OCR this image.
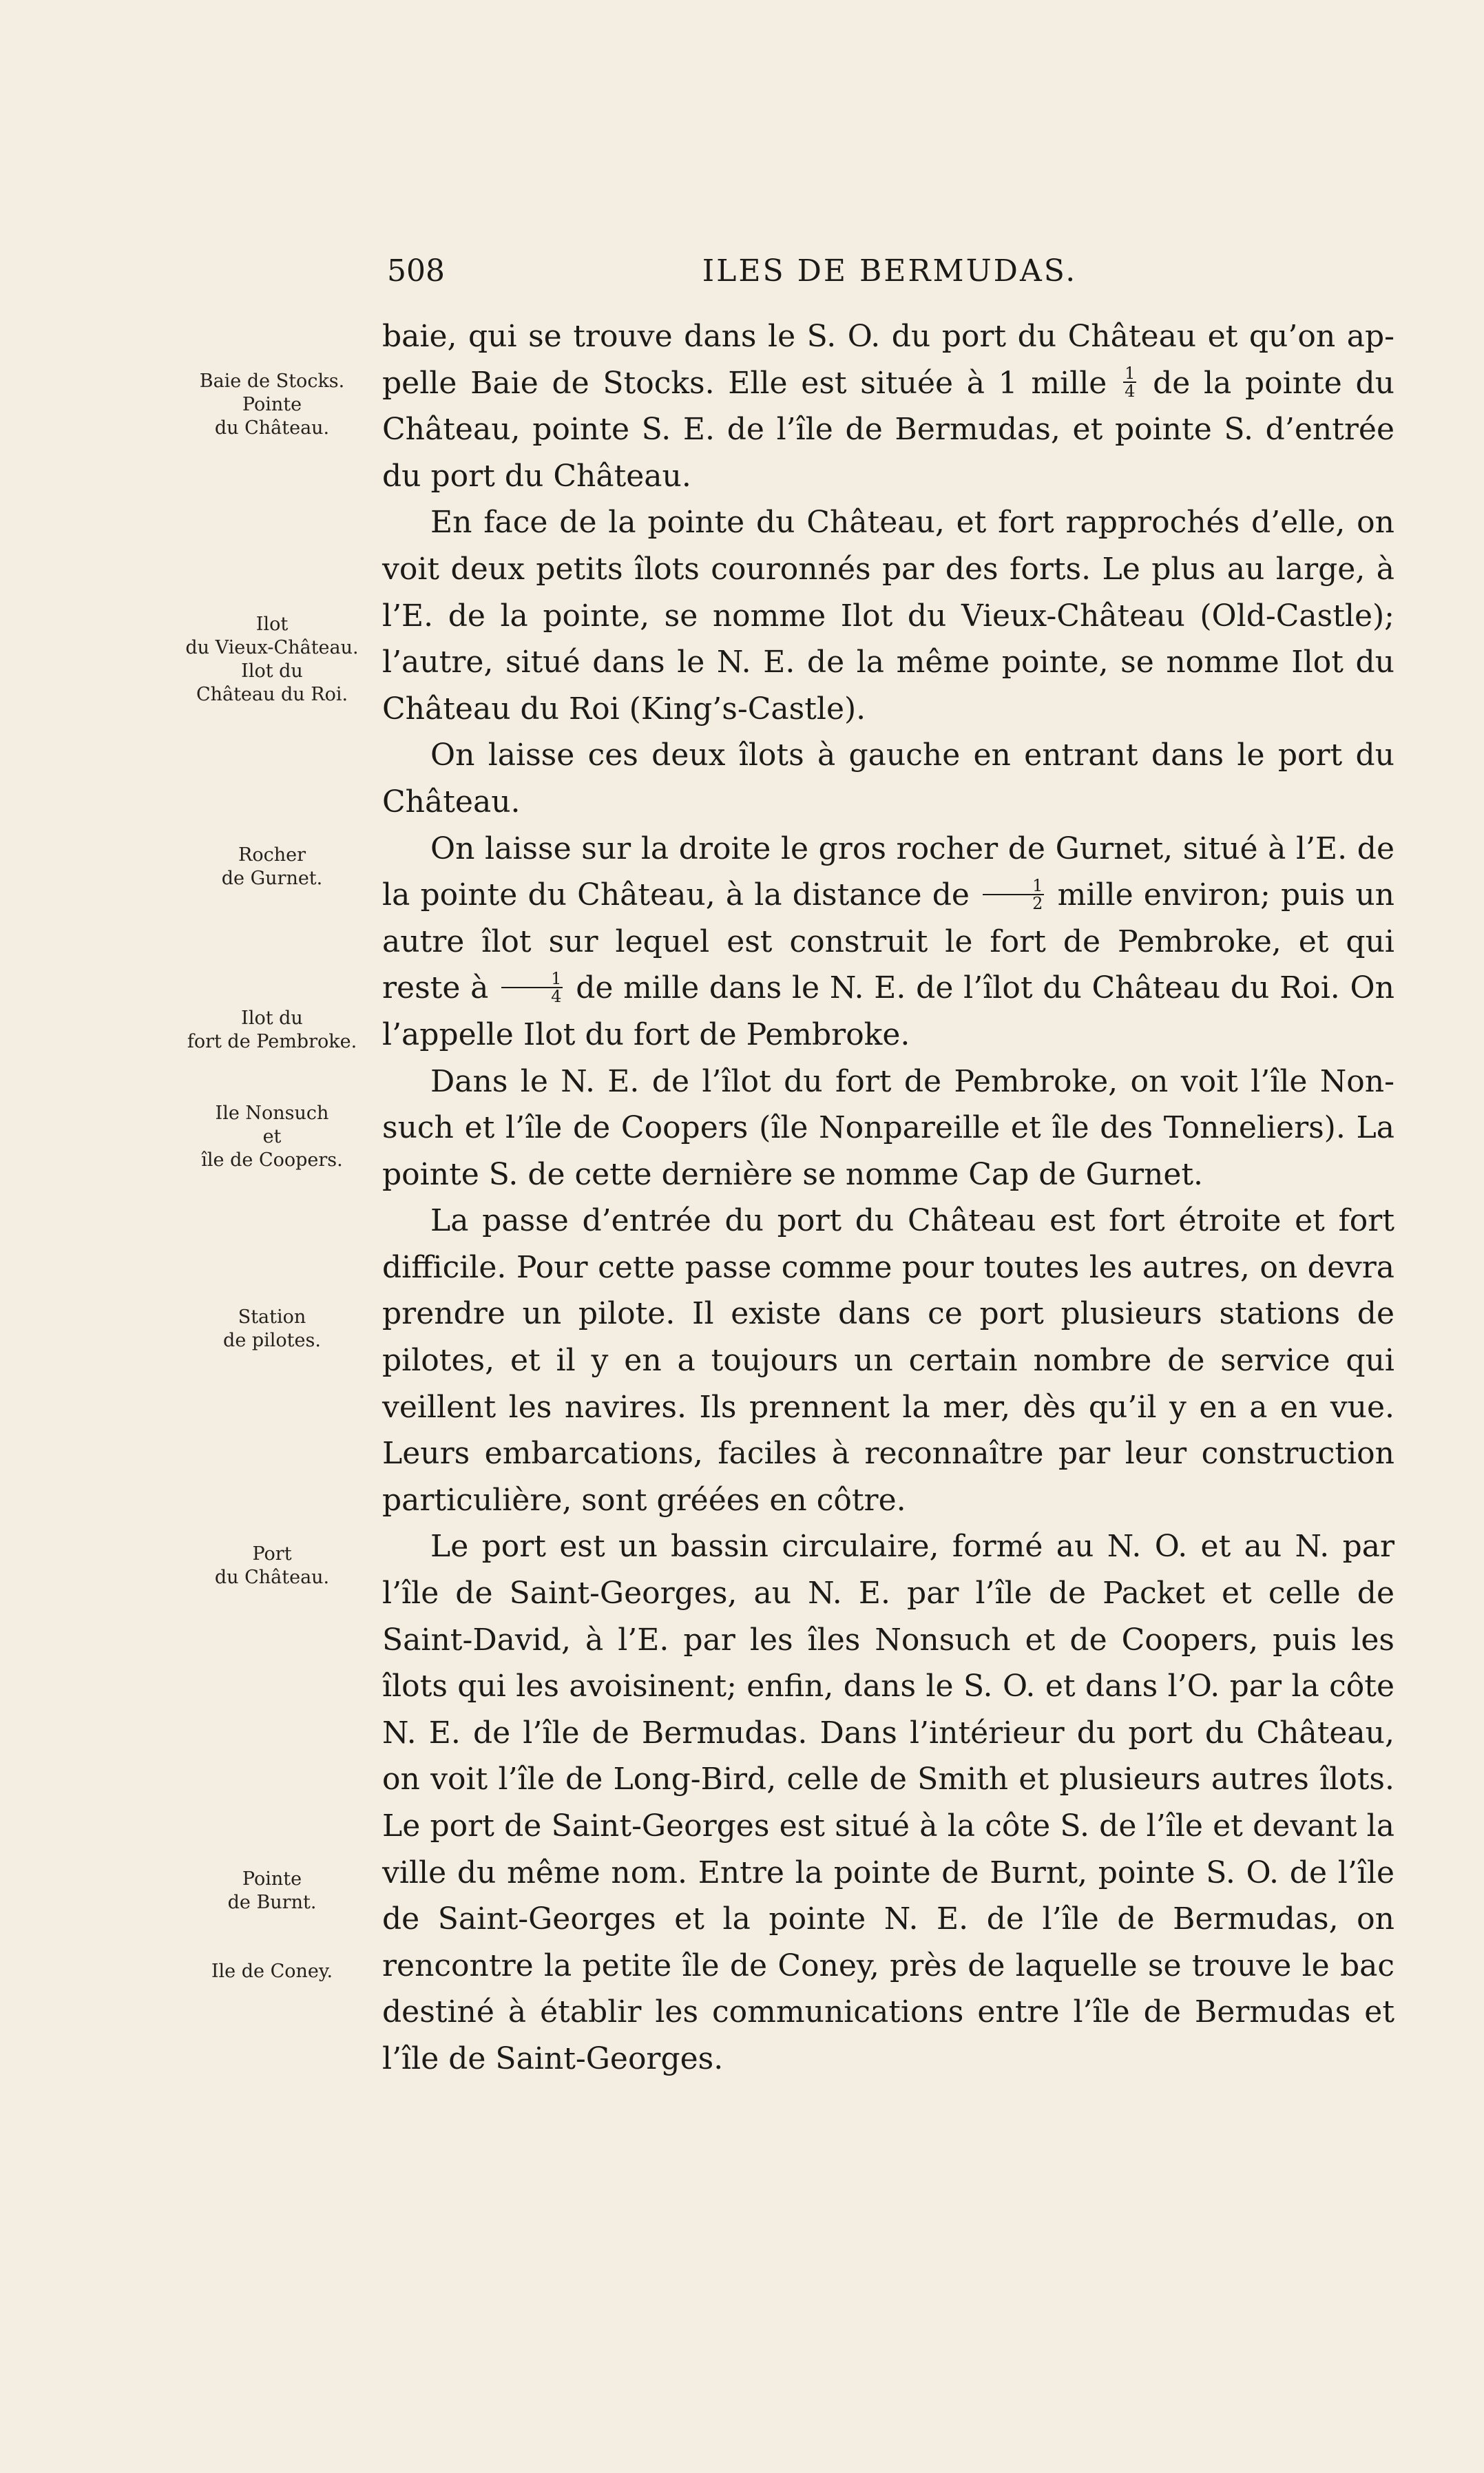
508	ILES DE BERMUDAS.
Baie de Stocks.
Pointe
du Château.
Ilot
du Vieux-Château.
Ilot du
Château du Roi.
Rocher
de Gurnet.
Ilot du
fort de Pembroke.
Ile Nonsuch
et
île de Coopers.
Station
de pilotes.
Port
du Château.
Pointe
de Burnt.
Ile de Coney.

baie, qui se trouve dans le S. O. du port du Château et qu’on appelle Baie de Stocks. Elle est située à 1 mille $\frac{1}{4}$ de la pointe du Château, pointe S. E. de l’île de Bermudas, et pointe S. d’entrée du port du Château.

En face de la pointe du Château, et fort rapprochés d’elle, on voit deux petits îlots couronnés par des forts. Le plus au large, à l’E. de la pointe, se nomme Ilot du Vieux-Château (Old-Castle); l’autre, situé dans le N. E. de la même pointe, se nomme Ilot du Château du Roi (King’s-Castle).

On laisse ces deux îlots à gauche en entrant dans le port du Château.

On laisse sur la droite le gros rocher de Gurnet, situé à l’E. de la pointe du Château, à la distance de $\frac{1}{2}$ mille environ; puis un autre îlot sur lequel est construit le fort de Pembroke, et qui reste à $\frac{1}{4}$ de mille dans le N. E. de l’îlot du Château du Roi. On l’appelle Ilot du fort de Pembroke.

Dans le N. E. de l’îlot du fort de Pembroke, on voit l’île Nonsuch et l’île de Coopers (île Nonpareille et île des Tonneliers). La pointe S. de cette dernière se nomme Cap de Gurnet.

La passe d’entrée du port du Château est fort étroite et fort difficile. Pour cette passe comme pour toutes les autres, on devra prendre un pilote. Il existe dans ce port plusieurs stations de pilotes, et il y en a toujours un certain nombre de service qui veillent les navires. Ils prennent la mer, dès qu’il y en a en vue. Leurs embarcations, faciles à reconnaître par leur construction particulière, sont gréées en côtre.

Le port est un bassin circulaire, formé au N. O. et au N. par l’île de Saint-Georges, au N. E. par l’île de Packet et celle de Saint-David, à l’E. par les îles Nonsuch et de Coopers, puis les îlots qui les avoisinent; enfin, dans le S. O. et dans l’O. par la côte N. E. de l’île de Bermudas. Dans l’intérieur du port du Château, on voit l’île de Long-Bird, celle de Smith et plusieurs autres îlots. Le port de Saint-Georges est situé à la côte S. de l’île et devant la ville du même nom. Entre la pointe de Burnt, pointe S. O. de l’île de Saint-Georges et la pointe N. E. de l’île de Bermudas, on rencontre la petite île de Coney, près de laquelle se trouve le bac destiné à établir les communications entre l’île de Bermudas et l’île de Saint-Georges.
